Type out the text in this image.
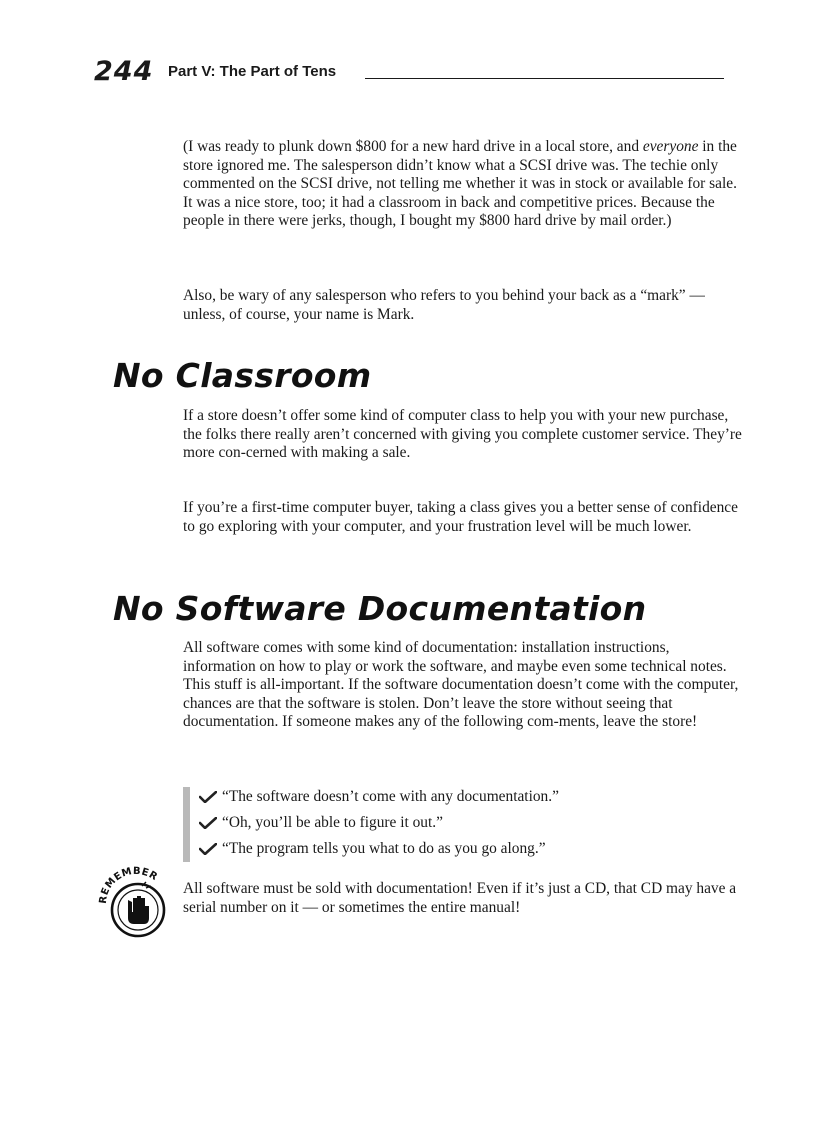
244 Part V: The Part of Tens

(I was ready to plunk down $800 for a new hard drive in a local store, and everyone in the store ignored me. The salesperson didn’t know what a SCSI drive was. The techie only commented on the SCSI drive, not telling me whether it was in stock or available for sale. It was a nice store, too; it had a classroom in back and competitive prices. Because the people in there were jerks, though, I bought my $800 hard drive by mail order.)

Also, be wary of any salesperson who refers to you behind your back as a “mark” — unless, of course, your name is Mark.

No Classroom

If a store doesn’t offer some kind of computer class to help you with your new purchase, the folks there really aren’t concerned with giving you complete customer service. They’re more con-cerned with making a sale.

If you’re a first-time computer buyer, taking a class gives you a better sense of confidence to go exploring with your computer, and your frustration level will be much lower.

No Software Documentation

All software comes with some kind of documentation: installation instructions, information on how to play or work the software, and maybe even some technical notes. This stuff is all-important. If the software documentation doesn’t come with the computer, chances are that the software is stolen. Don’t leave the store without seeing that documentation. If someone makes any of the following com-ments, leave the store!

“The software doesn’t come with any documentation.”
“Oh, you’ll be able to figure it out.”
“The program tells you what to do as you go along.”
REMEMBER

All software must be sold with documentation! Even if it’s just a CD, that CD may have a serial number on it — or sometimes the entire manual!
